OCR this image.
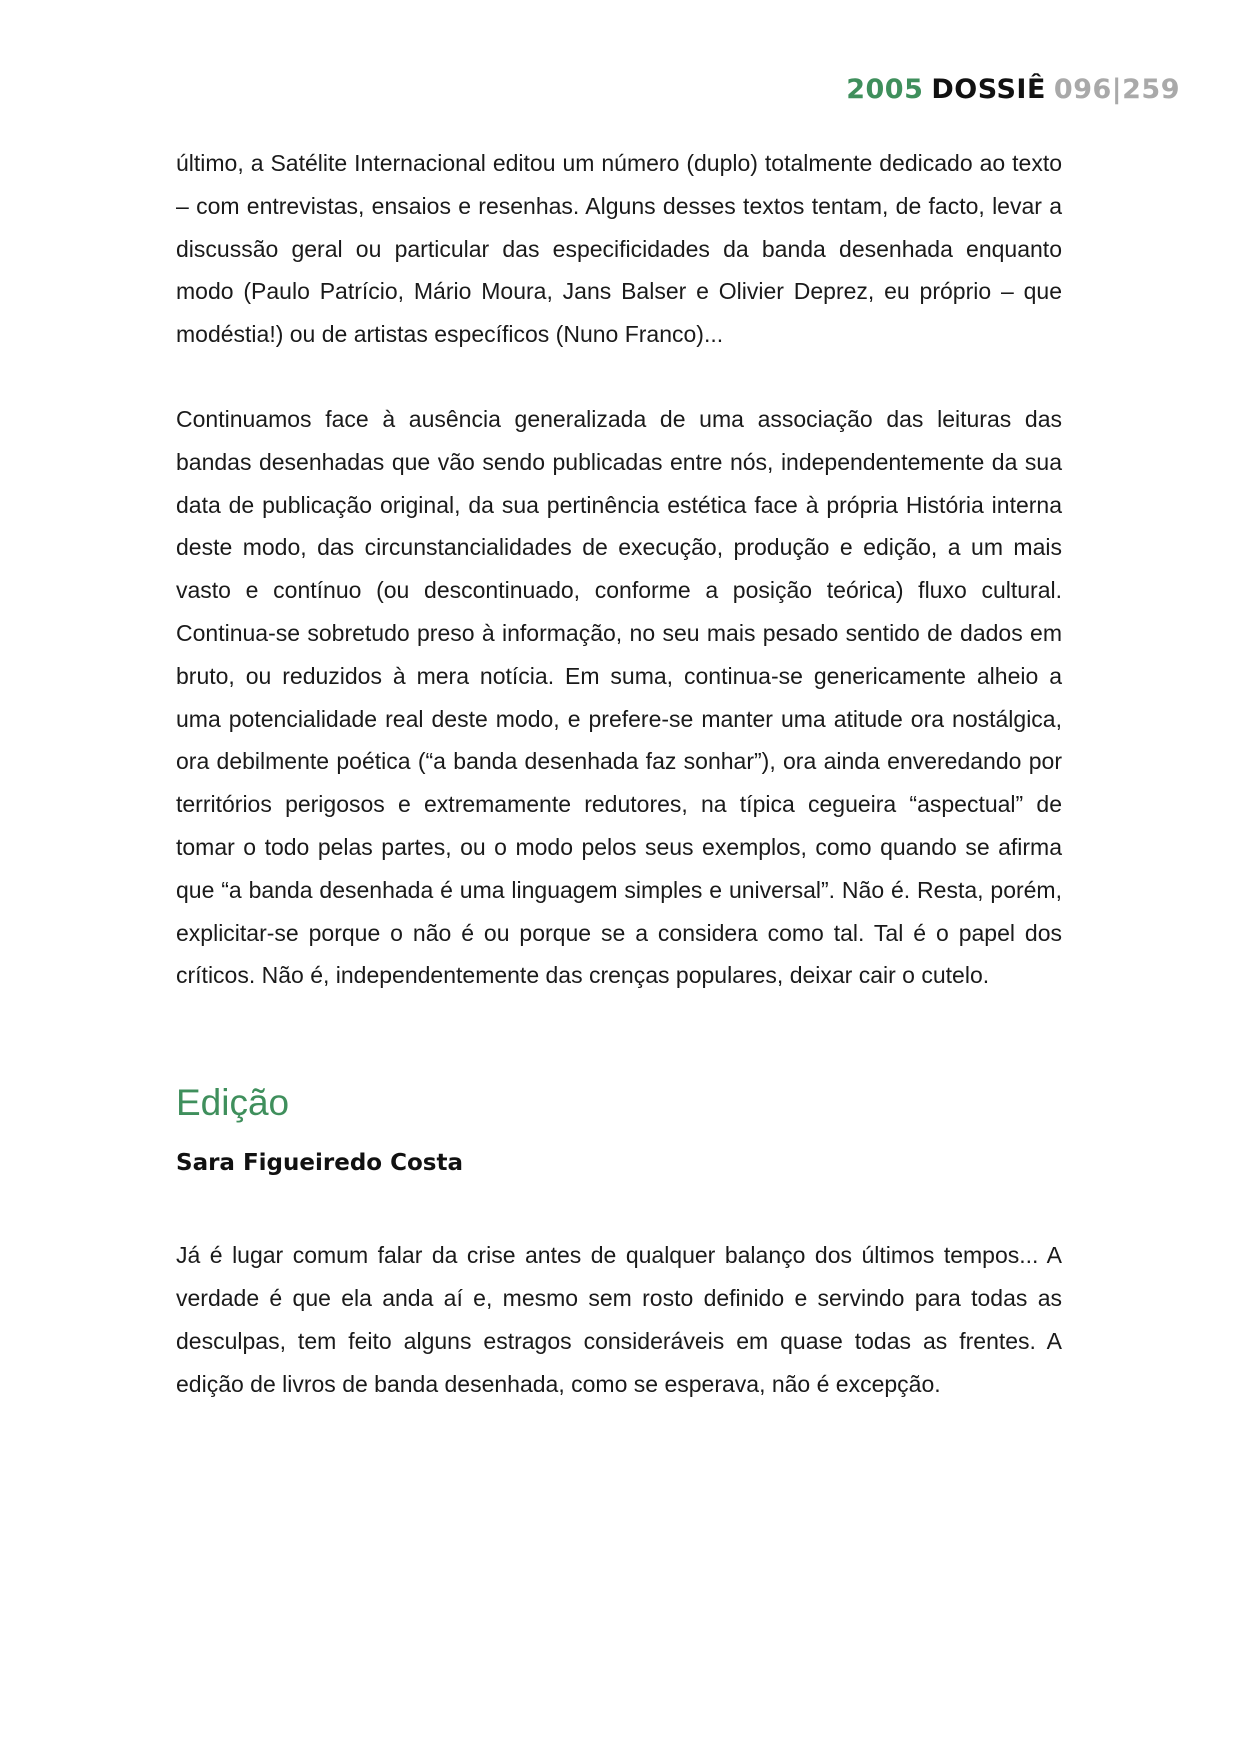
2005 DOSSIÊ 096|259

último, a Satélite Internacional editou um número (duplo) totalmente dedicado ao texto – com entrevistas, ensaios e resenhas. Alguns desses textos tentam, de facto, levar a discussão geral ou particular das especificidades da banda desenhada enquanto modo (Paulo Patrício, Mário Moura, Jans Balser e Olivier Deprez, eu próprio – que modéstia!) ou de artistas específicos (Nuno Franco)...

Continuamos face à ausência generalizada de uma associação das leituras das bandas desenhadas que vão sendo publicadas entre nós, independentemente da sua data de publicação original, da sua pertinência estética face à própria História interna deste modo, das circunstancialidades de execução, produção e edição, a um mais vasto e contínuo (ou descontinuado, conforme a posição teórica) fluxo cultural. Continua-se sobretudo preso à informação, no seu mais pesado sentido de dados em bruto, ou reduzidos à mera notícia. Em suma, continua-se genericamente alheio a uma potencialidade real deste modo, e prefere-se manter uma atitude ora nostálgica, ora debilmente poética (“a banda desenhada faz sonhar”), ora ainda enveredando por territórios perigosos e extremamente redutores, na típica cegueira “aspectual” de tomar o todo pelas partes, ou o modo pelos seus exemplos, como quando se afirma que “a banda desenhada é uma linguagem simples e universal”. Não é. Resta, porém, explicitar-se porque o não é ou porque se a considera como tal. Tal é o papel dos críticos. Não é, independentemente das crenças populares, deixar cair o cutelo.

Edição
Sara Figueiredo Costa

Já é lugar comum falar da crise antes de qualquer balanço dos últimos tempos... A verdade é que ela anda aí e, mesmo sem rosto definido e servindo para todas as desculpas, tem feito alguns estragos consideráveis em quase todas as frentes. A edição de livros de banda desenhada, como se esperava, não é excepção.
